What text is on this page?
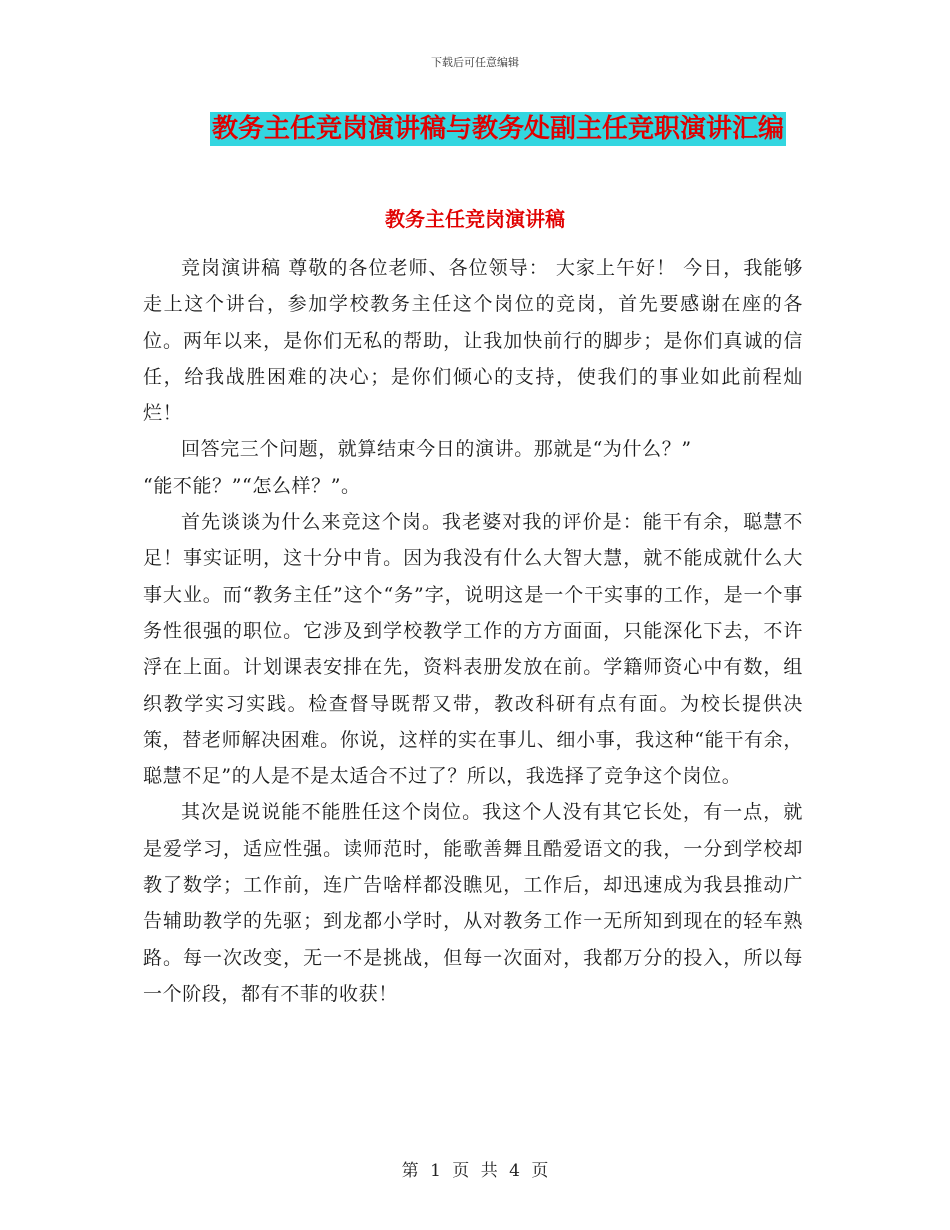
下载后可任意编辑
教务主任竞岗演讲稿与教务处副主任竞职演讲汇编
教务主任竞岗演讲稿

竞岗演讲稿 尊敬的各位老师、各位领导： 大家上午好！ 今日，我能够走上这个讲台，参加学校教务主任这个岗位的竞岗，首先要感谢在座的各位。两年以来，是你们无私的帮助，让我加快前行的脚步；是你们真诚的信任，给我战胜困难的决心；是你们倾心的支持，使我们的事业如此前程灿烂！

回答完三个问题，就算结束今日的演讲。那就是“为什么？”

“能不能？”“怎么样？”。

首先谈谈为什么来竞这个岗。我老婆对我的评价是：能干有余，聪慧不足！事实证明，这十分中肯。因为我没有什么大智大慧，就不能成就什么大事大业。而“教务主任”这个“务”字，说明这是一个干实事的工作，是一个事务性很强的职位。它涉及到学校教学工作的方方面面，只能深化下去，不许浮在上面。计划课表安排在先，资料表册发放在前。学籍师资心中有数，组织教学实习实践。检查督导既帮又带，教改科研有点有面。为校长提供决策，替老师解决困难。你说，这样的实在事儿、细小事，我这种“能干有余，聪慧不足”的人是不是太适合不过了？所以，我选择了竞争这个岗位。

其次是说说能不能胜任这个岗位。我这个人没有其它长处，有一点，就是爱学习，适应性强。读师范时，能歌善舞且酷爱语文的我，一分到学校却教了数学；工作前，连广告啥样都没瞧见，工作后，却迅速成为我县推动广告辅助教学的先驱；到龙都小学时，从对教务工作一无所知到现在的轻车熟路。每一次改变，无一不是挑战，但每一次面对，我都万分的投入，所以每一个阶段，都有不菲的收获！

第 1 页 共 4 页
